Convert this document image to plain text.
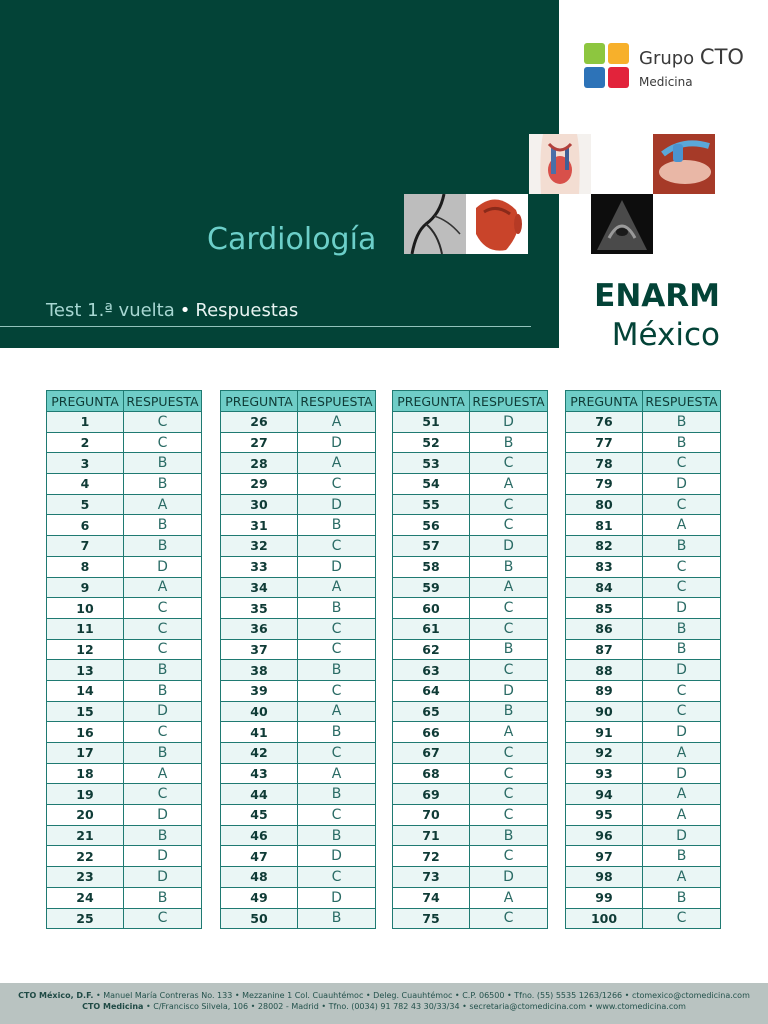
Cardiología
Test 1.ª vuelta • Respuestas
Grupo CTO
Medicina
ENARM
México
PREGUNTA	RESPUESTA
1	C
2	C
3	B
4	B
5	A
6	B
7	B
8	D
9	A
10	C
11	C
12	C
13	B
14	B
15	D
16	C
17	B
18	A
19	C
20	D
21	B
22	D
23	D
24	B
25	C
PREGUNTA	RESPUESTA
26	A
27	D
28	A
29	C
30	D
31	B
32	C
33	D
34	A
35	B
36	C
37	C
38	B
39	C
40	A
41	B
42	C
43	A
44	B
45	C
46	B
47	D
48	C
49	D
50	B
PREGUNTA	RESPUESTA
51	D
52	B
53	C
54	A
55	C
56	C
57	D
58	B
59	A
60	C
61	C
62	B
63	C
64	D
65	B
66	A
67	C
68	C
69	C
70	C
71	B
72	C
73	D
74	A
75	C
PREGUNTA	RESPUESTA
76	B
77	B
78	C
79	D
80	C
81	A
82	B
83	C
84	C
85	D
86	B
87	B
88	D
89	C
90	C
91	D
92	A
93	D
94	A
95	A
96	D
97	B
98	A
99	B
100	C
CTO México, D.F. • Manuel María Contreras No. 133 • Mezzanine 1 Col. Cuauhtémoc • Deleg. Cuauhtémoc • C.P. 06500 • Tfno. (55) 5535 1263/1266 • ctomexico@ctomedicina.com
CTO Medicina • C/Francisco Silvela, 106 • 28002 - Madrid • Tfno. (0034) 91 782 43 30/33/34 • secretaria@ctomedicina.com • www.ctomedicina.com
